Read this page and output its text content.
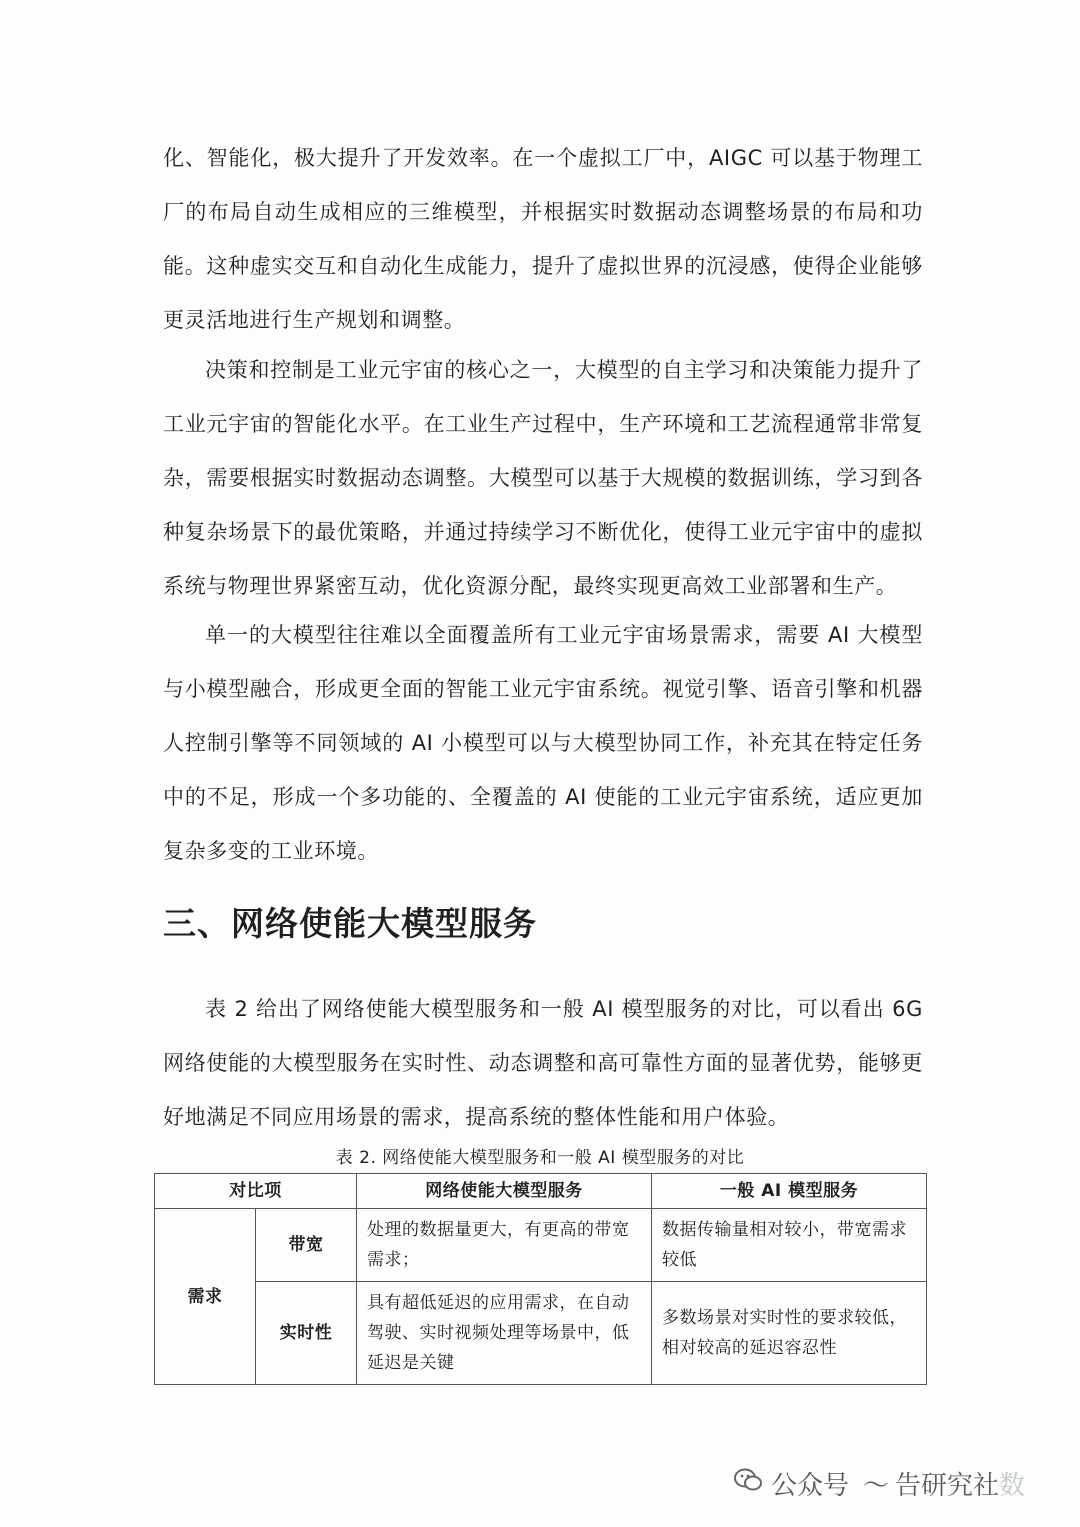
化、智能化，极大提升了开发效率。在一个虚拟工厂中，AIGC 可以基于物理工厂的布局自动生成相应的三维模型，并根据实时数据动态调整场景的布局和功能。这种虚实交互和自动化生成能力，提升了虚拟世界的沉浸感，使得企业能够更灵活地进行生产规划和调整。

决策和控制是工业元宇宙的核心之一，大模型的自主学习和决策能力提升了工业元宇宙的智能化水平。在工业生产过程中，生产环境和工艺流程通常非常复杂，需要根据实时数据动态调整。大模型可以基于大规模的数据训练，学习到各种复杂场景下的最优策略，并通过持续学习不断优化，使得工业元宇宙中的虚拟系统与物理世界紧密互动，优化资源分配，最终实现更高效工业部署和生产。

单一的大模型往往难以全面覆盖所有工业元宇宙场景需求，需要 AI 大模型与小模型融合，形成更全面的智能工业元宇宙系统。视觉引擎、语音引擎和机器人控制引擎等不同领域的 AI 小模型可以与大模型协同工作，补充其在特定任务中的不足，形成一个多功能的、全覆盖的 AI 使能的工业元宇宙系统，适应更加复杂多变的工业环境。

三、网络使能大模型服务

表 2 给出了网络使能大模型服务和一般 AI 模型服务的对比，可以看出 6G 网络使能的大模型服务在实时性、动态调整和高可靠性方面的显著优势，能够更好地满足不同应用场景的需求，提高系统的整体性能和用户体验。

表 2. 网络使能大模型服务和一般 AI 模型服务的对比
对比项		网络使能大模型服务	一般 AI 模型服务
需求	带宽	处理的数据量更大，有更高的带宽需求；	数据传输量相对较小，带宽需求较低
	实时性	具有超低延迟的应用需求，在自动驾驶、实时视频处理等场景中，低延迟是关键	多数场景对实时性的要求较低，相对较高的延迟容忍性
公众号 〜 告研究社 数
